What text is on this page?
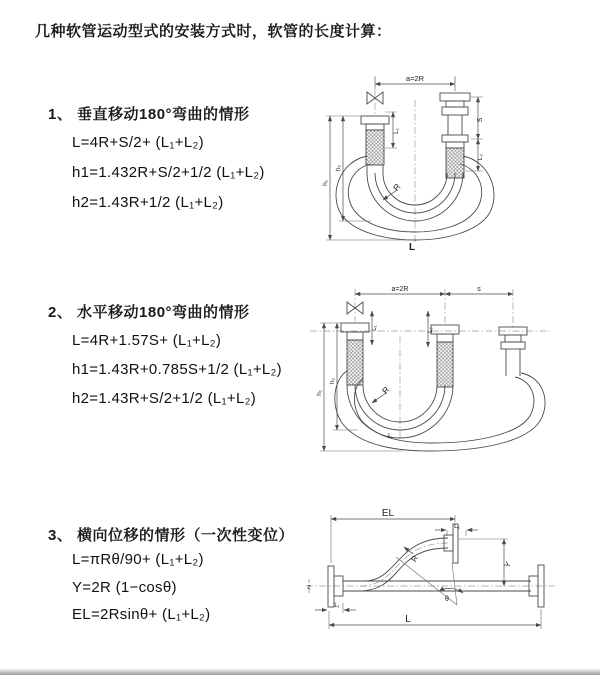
几种软管运动型式的安装方式时，软管的长度计算：
1、 垂直移动180°弯曲的情形
L=4R+S/2+ (L₁+L₂)
h1=1.432R+S/2+1/2 (L₁+L₂)
h2=1.43R+1/2 (L₁+L₂)
a=2R
R
S
L₂
L₁
h₂
h₁
L
2、 水平移动180°弯曲的情形
L=4R+1.57S+ (L₁+L₂)
h1=1.43R+0.785S+1/2 (L₁+L₂)
h2=1.43R+S/2+1/2 (L₁+L₂)
a=2R	s
R
h₂
h₁
L₁	L₂
L
3、 横向位移的情形（一次性变位）
L=πRθ/90+ (L₁+L₂)
Y=2R (1−cosθ)
EL=2Rsinθ+ (L₁+L₂)
EL
L₁
Y
θ
R
L
L₁
z
